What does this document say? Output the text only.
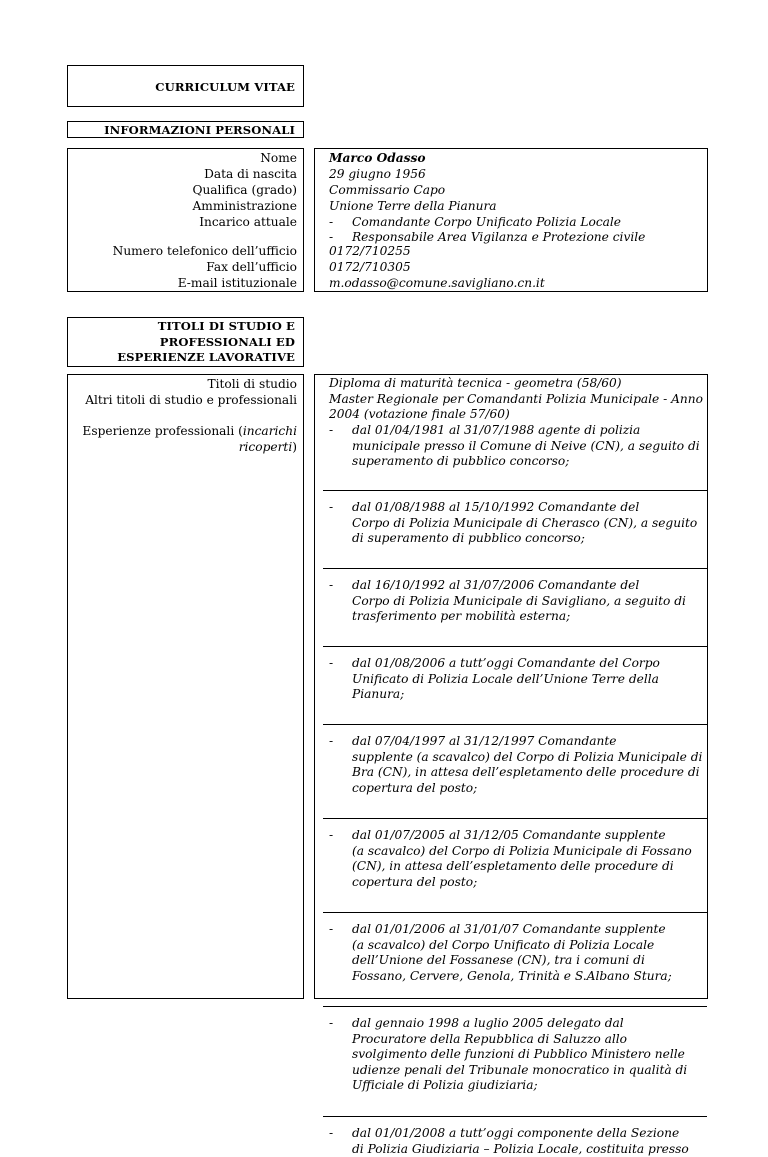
CURRICULUM VITAE
INFORMAZIONI PERSONALI
Nome
Data di nascita
Qualifica (grado)
Amministrazione
Incarico attuale
Numero telefonico dell’ufficio
Fax dell’ufficio
E-mail istituzionale
Marco Odasso
29 giugno 1956
Commissario Capo
Unione Terre della Pianura
- Comandante Corpo Unificato Polizia Locale
- Responsabile Area Vigilanza e Protezione civile
0172/710255
0172/710305
m.odasso@comune.savigliano.cn.it
TITOLI DI STUDIO E
PROFESSIONALI ED
ESPERIENZE LAVORATIVE
Titoli di studio
Altri titoli di studio e professionali
Esperienze professionali (incarichi
ricoperti)
Diploma di maturità tecnica - geometra (58/60)
Master Regionale per Comandanti Polizia Municipale - Anno
2004 (votazione finale 57/60)
- dal 01/04/1981 al 31/07/1988 agente di polizia
municipale presso il Comune di Neive (CN), a seguito di
superamento di pubblico concorso;
- dal 01/08/1988 al 15/10/1992 Comandante del
Corpo di Polizia Municipale di Cherasco (CN), a seguito
di superamento di pubblico concorso;
- dal 16/10/1992 al 31/07/2006 Comandante del
Corpo di Polizia Municipale di Savigliano, a seguito di
trasferimento per mobilità esterna;
- dal 01/08/2006 a tutt’oggi Comandante del Corpo
Unificato di Polizia Locale dell’Unione Terre della
Pianura;
- dal 07/04/1997 al 31/12/1997 Comandante
supplente (a scavalco) del Corpo di Polizia Municipale di
Bra (CN), in attesa dell’espletamento delle procedure di
copertura del posto;
- dal 01/07/2005 al 31/12/05 Comandante supplente
(a scavalco) del Corpo di Polizia Municipale di Fossano
(CN), in attesa dell’espletamento delle procedure di
copertura del posto;
- dal 01/01/2006 al 31/01/07 Comandante supplente
(a scavalco) del Corpo Unificato di Polizia Locale
dell’Unione del Fossanese (CN), tra i comuni di
Fossano, Cervere, Genola, Trinità e S.Albano Stura;
- dal gennaio 1998 a luglio 2005 delegato dal
Procuratore della Repubblica di Saluzzo allo
svolgimento delle funzioni di Pubblico Ministero nelle
udienze penali del Tribunale monocratico in qualità di
Ufficiale di Polizia giudiziaria;
- dal 01/01/2008 a tutt’oggi componente della Sezione
di Polizia Giudiziaria – Polizia Locale, costituita presso
